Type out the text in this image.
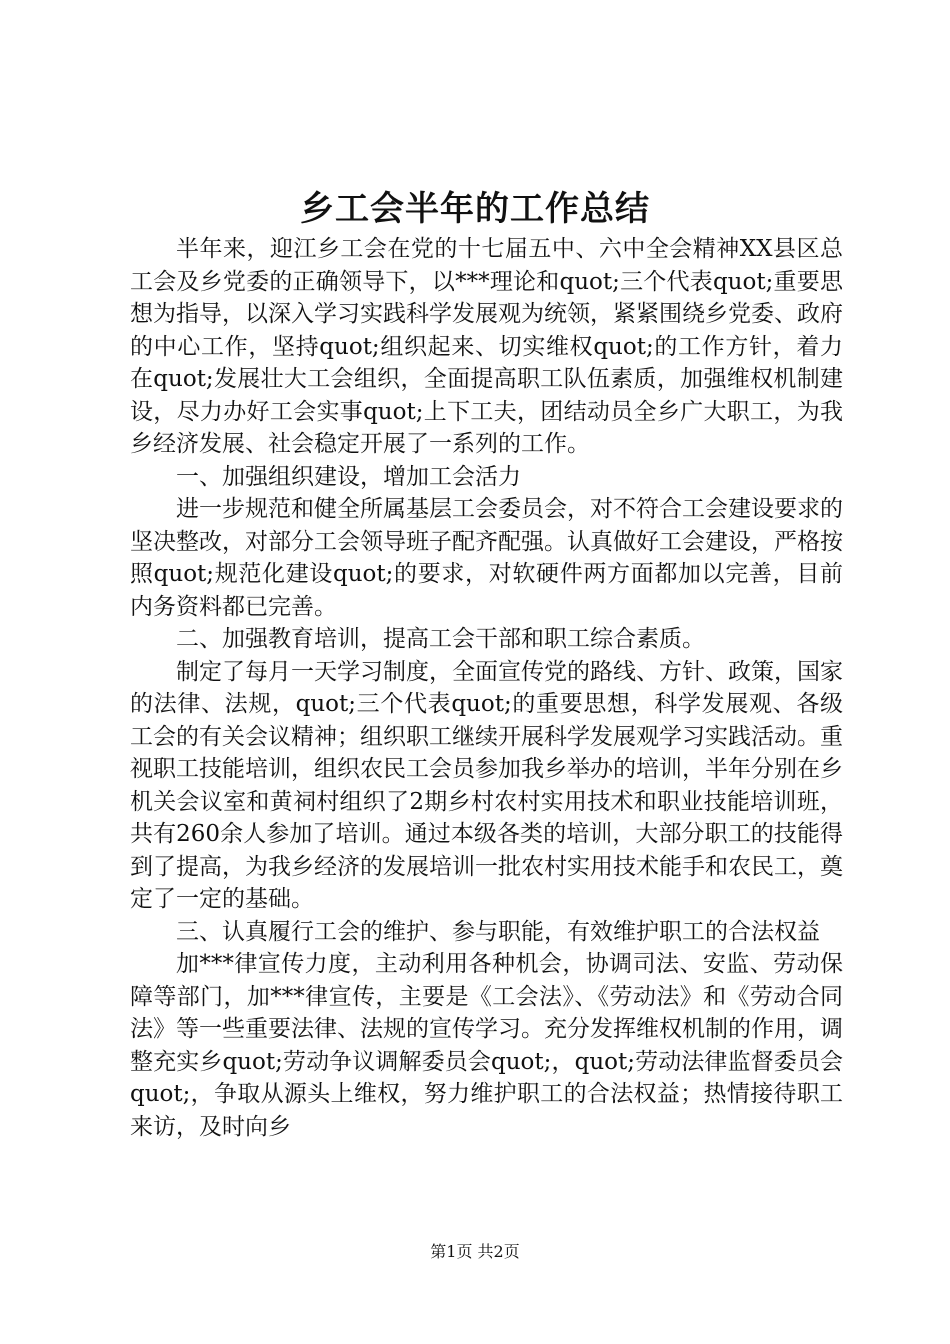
乡工会半年的工作总结

半年来，迎江乡工会在党的十七届五中、六中全会精神XX县区总工会及乡党委的正确领导下，以***理论和quot;三个代表quot;重要思想为指导，以深入学习实践科学发展观为统领，紧紧围绕乡党委、政府的中心工作，坚持quot;组织起来、切实维权quot;的工作方针，着力在quot;发展壮大工会组织，全面提高职工队伍素质，加强维权机制建设，尽力办好工会实事quot;上下工夫，团结动员全乡广大职工，为我乡经济发展、社会稳定开展了一系列的工作。

一、加强组织建设，增加工会活力

进一步规范和健全所属基层工会委员会，对不符合工会建设要求的坚决整改，对部分工会领导班子配齐配强。认真做好工会建设，严格按照quot;规范化建设quot;的要求，对软硬件两方面都加以完善，目前内务资料都已完善。

二、加强教育培训，提高工会干部和职工综合素质。

制定了每月一天学习制度，全面宣传党的路线、方针、政策，国家的法律、法规，quot;三个代表quot;的重要思想，科学发展观、各级工会的有关会议精神；组织职工继续开展科学发展观学习实践活动。重视职工技能培训，组织农民工会员参加我乡举办的培训，半年分别在乡机关会议室和黄祠村组织了2期乡村农村实用技术和职业技能培训班，共有260余人参加了培训。通过本级各类的培训，大部分职工的技能得到了提高，为我乡经济的发展培训一批农村实用技术能手和农民工，奠定了一定的基础。

三、认真履行工会的维护、参与职能，有效维护职工的合法权益

加***律宣传力度，主动利用各种机会，协调司法、安监、劳动保障等部门，加***律宣传，主要是《工会法》、《劳动法》和《劳动合同法》等一些重要法律、法规的宣传学习。充分发挥维权机制的作用，调整充实乡quot;劳动争议调解委员会quot;，quot;劳动法律监督委员会quot;，争取从源头上维权，努力维护职工的合法权益；热情接待职工来访，及时向乡

第1页 共2页
